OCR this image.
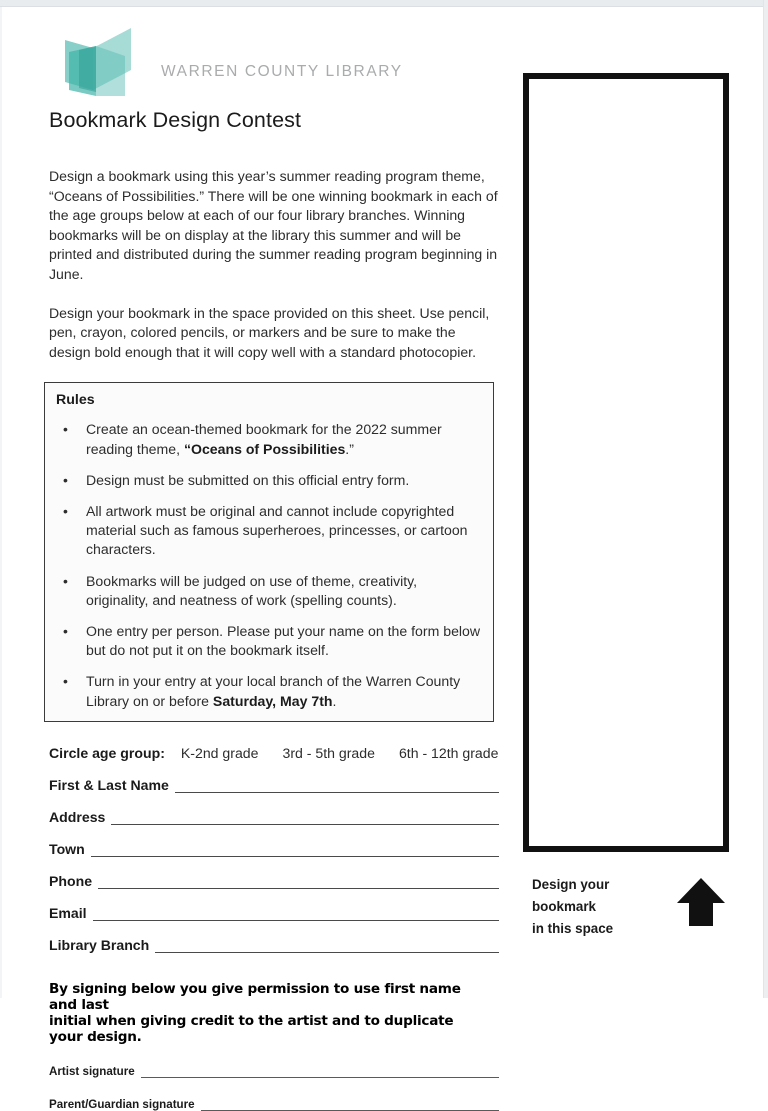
WARREN COUNTY LIBRARY
Bookmark Design Contest

Design a bookmark using this year’s summer reading program theme, “Oceans of Possibilities.” There will be one winning bookmark in each of the age groups below at each of our four library branches. Winning bookmarks will be on display at the library this summer and will be printed and distributed during the summer reading program beginning in June.

Design your bookmark in the space provided on this sheet. Use pencil, pen, crayon, colored pencils, or markers and be sure to make the design bold enough that it will copy well with a standard photocopier.

Rules
• Create an ocean-themed bookmark for the 2022 summer reading theme, “Oceans of Possibilities.”
• Design must be submitted on this official entry form.
• All artwork must be original and cannot include copyrighted material such as famous superheroes, princesses, or cartoon characters.
• Bookmarks will be judged on use of theme, creativity, originality, and neatness of work (spelling counts).
• One entry per person. Please put your name on the form below but do not put it on the bookmark itself.
• Turn in your entry at your local branch of the Warren County Library on or before Saturday, May 7th.
Circle age group: K-2nd grade 3rd - 5th grade 6th - 12th grade
First & Last Name
Address
Town
Phone
Email
Library Branch
By signing below you give permission to use first name and last
initial when giving credit to the artist and to duplicate your design.
Artist signature
Parent/Guardian signature
Design your bookmark
in this space
